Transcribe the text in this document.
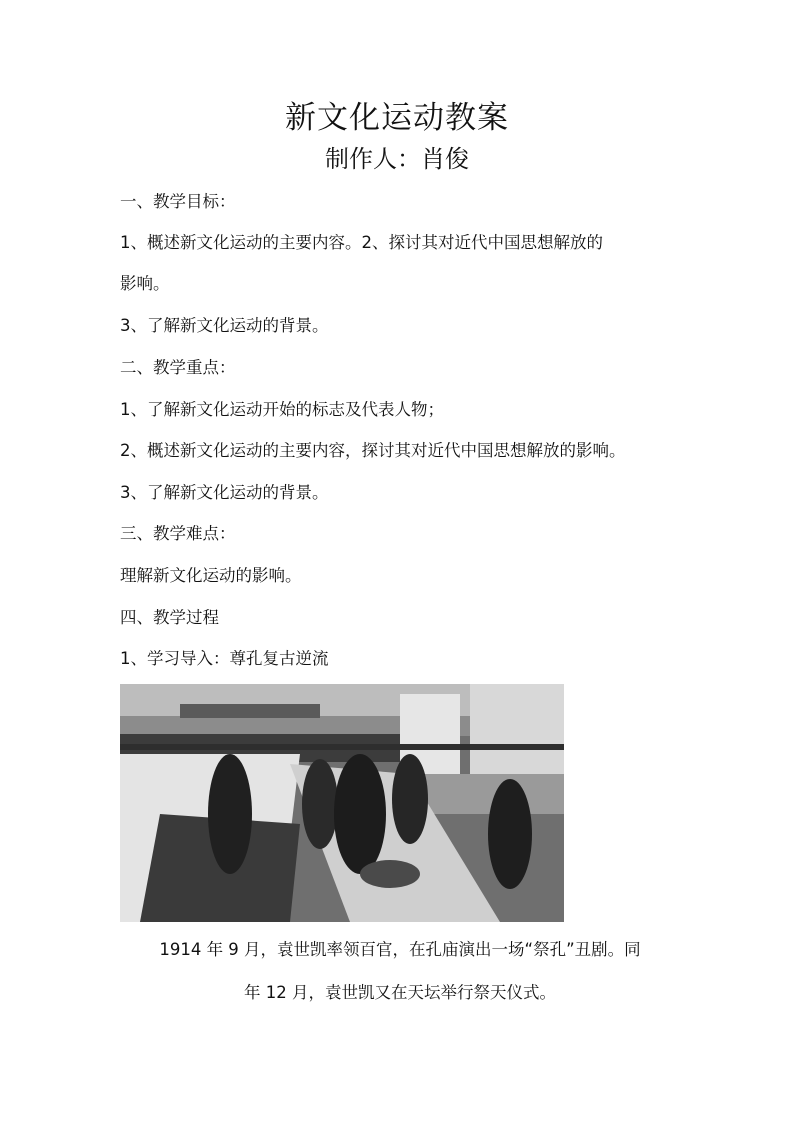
新文化运动教案
制作人：肖俊
一、教学目标：
1、概述新文化运动的主要内容。2、探讨其对近代中国思想解放的
影响。
3、了解新文化运动的背景。
二、教学重点：
1、了解新文化运动开始的标志及代表人物；
2、概述新文化运动的主要内容，探讨其对近代中国思想解放的影响。
3、了解新文化运动的背景。
三、教学难点：
理解新文化运动的影响。
四、教学过程
1、学习导入：尊孔复古逆流
1914 年 9 月，袁世凯率领百官，在孔庙演出一场“祭孔”丑剧。同
年 12 月，袁世凯又在天坛举行祭天仪式。
